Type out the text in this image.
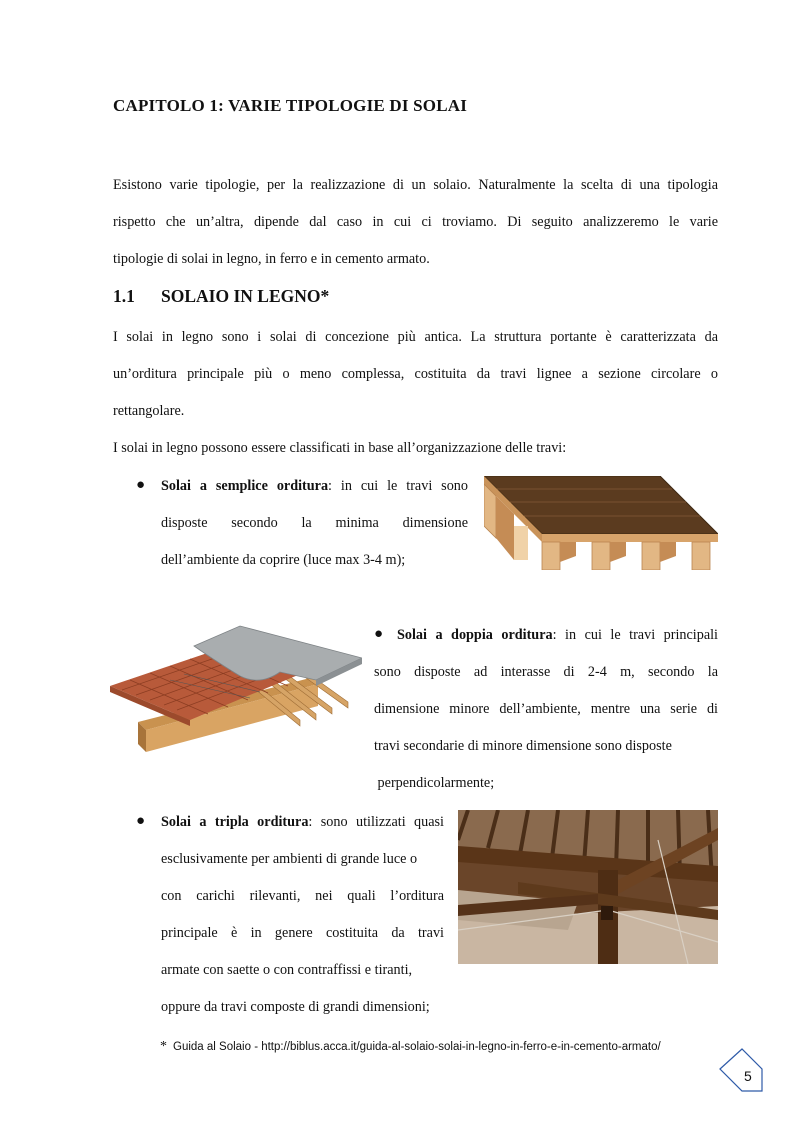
CAPITOLO 1: VARIE TIPOLOGIE DI SOLAI
Esistono varie tipologie, per la realizzazione di un solaio. Naturalmente la scelta di una tipologia
rispetto che un’altra, dipende dal caso in cui ci troviamo. Di seguito analizzeremo le varie
tipologie di solai in legno, in ferro e in cemento armato.
1.1 SOLAIO IN LEGNO*
I solai in legno sono i solai di concezione più antica. La struttura portante è caratterizzata da
un’orditura principale più o meno complessa, costituita da travi lignee a sezione circolare o
rettangolare.
I solai in legno possono essere classificati in base all’organizzazione delle travi:
● Solai a semplice orditura: in cui le travi sono
disposte secondo la minima dimensione
dell’ambiente da coprire (luce max 3-4 m);
● Solai a doppia orditura: in cui le travi principali
sono disposte ad interasse di 2-4 m, secondo la
dimensione minore dell’ambiente, mentre una serie di
travi secondarie di minore dimensione sono disposte
perpendicolarmente;
● Solai a tripla orditura: sono utilizzati quasi
esclusivamente per ambienti di grande luce o
con carichi rilevanti, nei quali l’orditura
principale è in genere costituita da travi
armate con saette o con contraffissi e tiranti,
oppure da travi composte di grandi dimensioni;
* Guida al Solaio - http://biblus.acca.it/guida-al-solaio-solai-in-legno-in-ferro-e-in-cemento-armato/
5
